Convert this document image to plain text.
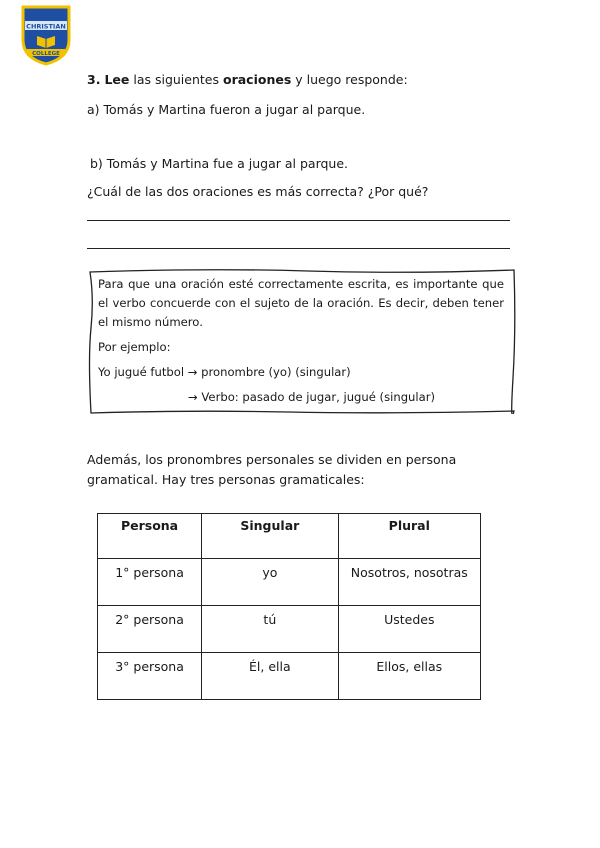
CHRISTIAN
COLLEGE
3. Lee las siguientes oraciones y luego responde:
a) Tomás y Martina fueron a jugar al parque.
b) Tomás y Martina fue a jugar al parque.
¿Cuál de las dos oraciones es más correcta? ¿Por qué?

Para que una oración esté correctamente escrita, es importante que el verbo concuerde con el sujeto de la oración. Es decir, deben tener el mismo número.

Por ejemplo:

Yo jugué futbol → pronombre (yo) (singular)

→ Verbo: pasado de jugar, jugué (singular)

Además, los pronombres personales se dividen en persona gramatical. Hay tres personas gramaticales:
Persona	Singular	Plural
1° persona	yo	Nosotros, nosotras
2° persona	tú	Ustedes
3° persona	Él, ella	Ellos, ellas
